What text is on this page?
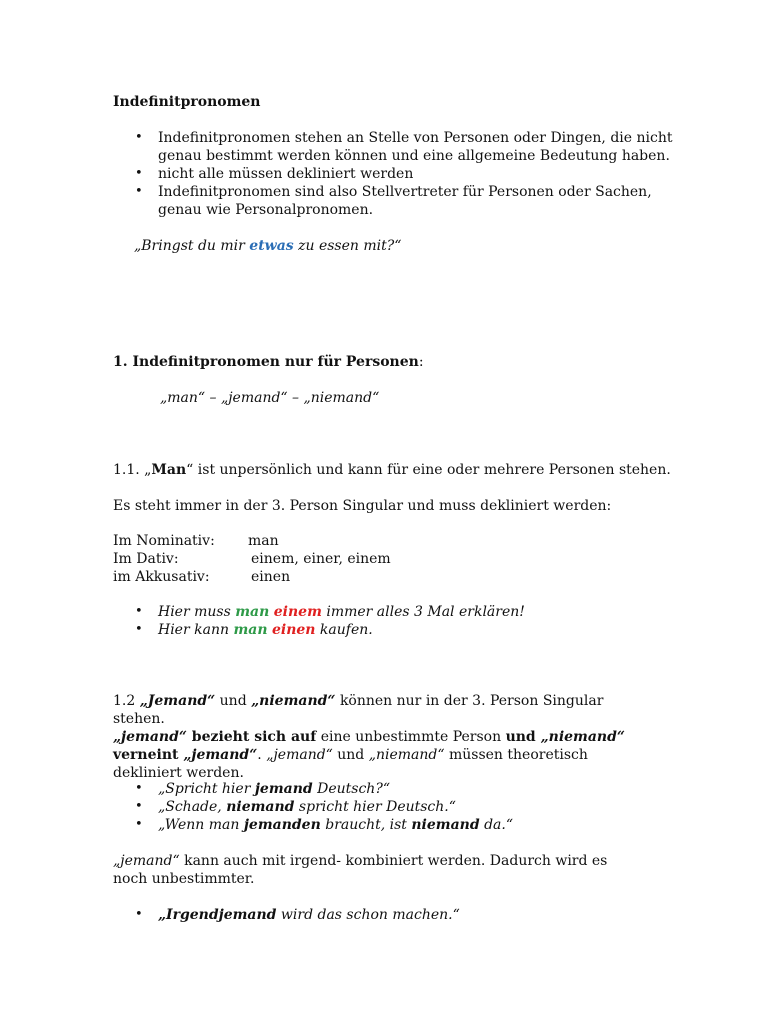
Indefinitpronomen
• Indefinitpronomen stehen an Stelle von Personen oder Dingen, die nicht genau bestimmt werden können und eine allgemeine Bedeutung haben.
• nicht alle müssen dekliniert werden
• Indefinitpronomen sind also Stellvertreter für Personen oder Sachen, genau wie Personalpronomen.
„Bringst du mir etwas zu essen mit?“
1. Indefinitpronomen nur für Personen:
„man“ – „jemand“ – „niemand“
1.1. „Man“ ist unpersönlich und kann für eine oder mehrere Personen stehen.
Es steht immer in der 3. Person Singular und muss dekliniert werden:
Im Nominativ: man
Im Dativ:	einem, einer, einem
im Akkusativ:	einen
• Hier muss man einem immer alles 3 Mal erklären!
• Hier kann man einen kaufen.
1.2 „Jemand“ und „niemand“ können nur in der 3. Person Singular stehen.
„jemand“ bezieht sich auf eine unbestimmte Person und „niemand“ verneint „jemand“. „jemand“ und „niemand“ müssen theoretisch dekliniert werden.
• „Spricht hier jemand Deutsch?“
• „Schade, niemand spricht hier Deutsch.“
• „Wenn man jemanden braucht, ist niemand da.“
„jemand“ kann auch mit irgend- kombiniert werden. Dadurch wird es noch unbestimmter.
• „Irgendjemand wird das schon machen.“
